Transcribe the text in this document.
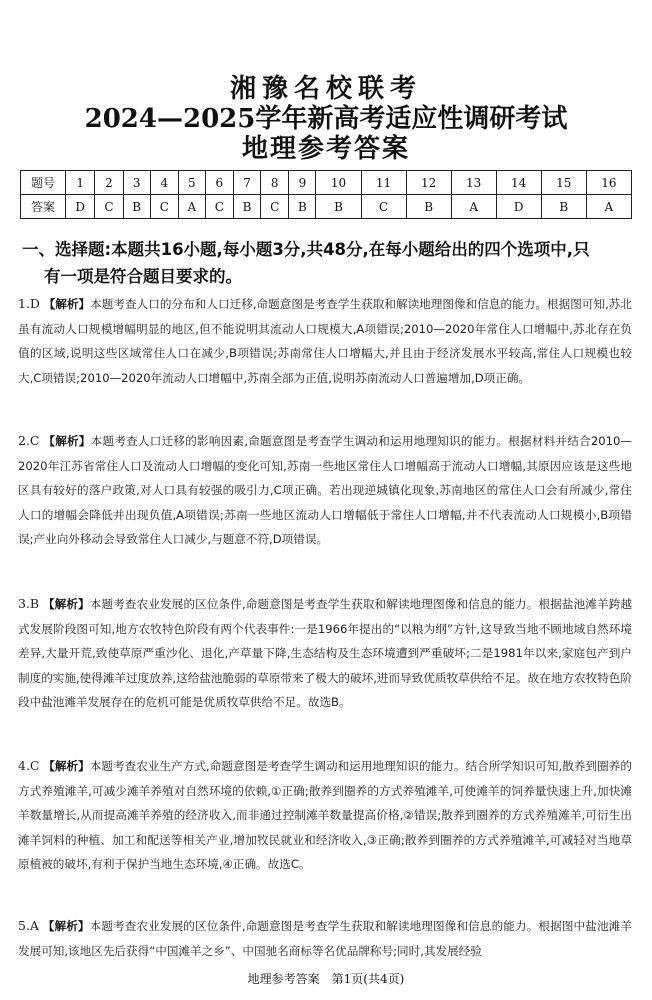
湘豫名校联考
2024—2025学年新高考适应性调研考试
地理参考答案
题号	1	2	3	4	5	6	7	8	9	10	11	12	13	14	15	16
答案	D	C	B	C	A	C	B	C	B	B	C	B	A	D	B	A
一、选择题:本题共16小题,每小题3分,共48分,在每小题给出的四个选项中,只
有一项是符合题目要求的。
1.D 【解析】本题考查人口的分布和人口迁移,命题意图是考查学生获取和解读地理图像和信息的能力。根据图可知,苏北虽有流动人口规模增幅明显的地区,但不能说明其流动人口规模大,A项错误;2010—2020年常住人口增幅中,苏北存在负值的区域,说明这些区域常住人口在减少,B项错误;苏南常住人口增幅大,并且由于经济发展水平较高,常住人口规模也较大,C项错误;2010—2020年流动人口增幅中,苏南全部为正值,说明苏南流动人口普遍增加,D项正确。
2.C 【解析】本题考查人口迁移的影响因素,命题意图是考查学生调动和运用地理知识的能力。根据材料并结合2010—2020年江苏省常住人口及流动人口增幅的变化可知,苏南一些地区常住人口增幅高于流动人口增幅,其原因应该是这些地区具有较好的落户政策,对人口具有较强的吸引力,C项正确。若出现逆城镇化现象,苏南地区的常住人口会有所减少,常住人口的增幅会降低并出现负值,A项错误;苏南一些地区流动人口增幅低于常住人口增幅,并不代表流动人口规模小,B项错误;产业向外移动会导致常住人口减少,与题意不符,D项错误。
3.B 【解析】本题考查农业发展的区位条件,命题意图是考查学生获取和解读地理图像和信息的能力。根据盐池滩羊跨越式发展阶段图可知,地方农牧特色阶段有两个代表事件:一是1966年提出的“以粮为纲”方针,这导致当地不顾地域自然环境差异,大量开荒,致使草原严重沙化、退化,产草量下降,生态结构及生态环境遭到严重破坏;二是1981年以来,家庭包产到户制度的实施,使得滩羊过度放养,这给盐池脆弱的草原带来了极大的破坏,进而导致优质牧草供给不足。故在地方农牧特色阶段中盐池滩羊发展存在的危机可能是优质牧草供给不足。故选B。
4.C 【解析】本题考查农业生产方式,命题意图是考查学生调动和运用地理知识的能力。结合所学知识可知,散养到圈养的方式养殖滩羊,可减少滩羊养殖对自然环境的依赖,①正确;散养到圈养的方式养殖滩羊,可使滩羊的饲养量快速上升,加快滩羊数量增长,从而提高滩羊养殖的经济收入,而非通过控制滩羊数量提高价格,②错误;散养到圈养的方式养殖滩羊,可衍生出滩羊饲料的种植、加工和配送等相关产业,增加牧民就业和经济收入,③正确;散养到圈养的方式养殖滩羊,可减轻对当地草原植被的破坏,有利于保护当地生态环境,④正确。故选C。
5.A 【解析】本题考查农业发展的区位条件,命题意图是考查学生获取和解读地理图像和信息的能力。根据图中盐池滩羊发展可知,该地区先后获得“中国滩羊之乡”、中国驰名商标等名优品牌称号;同时,其发展经验
地理参考答案　第1页(共4页)
